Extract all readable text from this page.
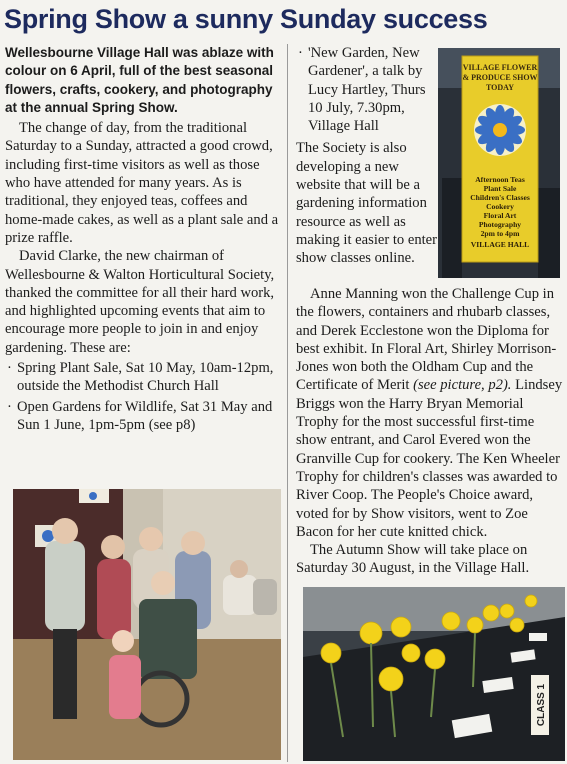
Spring Show a sunny Sunday success

Wellesbourne Village Hall was ablaze with colour on 6 April, full of the best seasonal flowers, crafts, cookery, and photography at the annual Spring Show.

The change of day, from the traditional Saturday to a Sunday, attracted a good crowd, including first-time visitors as well as those who have attended for many years. As is traditional, they enjoyed teas, coffees and home-made cakes, as well as a plant sale and a prize raffle.

David Clarke, the new chairman of Wellesbourne & Walton Horticultural Society, thanked the committee for all their hard work, and highlighted upcoming events that aim to encourage more people to join in and enjoy gardening. These are:

· Spring Plant Sale, Sat 10 May, 10am-12pm, outside the Methodist Church Hall

· Open Gardens for Wildlife, Sat 31 May and Sun 1 June, 1pm-5pm (see p8)

· 'New Garden, New Gardener', a talk by Lucy Hartley, Thurs 10 July, 7.30pm, Village Hall

The Society is also developing a new website that will be a gardening information resource as well as making it easier to enter show classes online.

Anne Manning won the Challenge Cup in the flowers, containers and rhubarb classes, and Derek Ecclestone won the Diploma for best exhibit. In Floral Art, Shirley Morrison-Jones won both the Oldham Cup and the Certificate of Merit (see picture, p2). Lindsey Briggs won the Harry Bryan Memorial Trophy for the most successful first-time show entrant, and Carol Evered won the Granville Cup for cookery. The Ken Wheeler Trophy for children's classes was awarded to River Coop. The People's Choice award, voted for by Show visitors, went to Zoe Bacon for her cute knitted chick.

The Autumn Show will take place on Saturday 30 August, in the Village Hall.

VILLAGE FLOWER
& PRODUCE SHOW
TODAY
Afternoon Teas
Plant Sale
Children's Classes
Cookery
Floral Art
Photography
2pm to 4pm
VILLAGE HALL
CLASS 1
